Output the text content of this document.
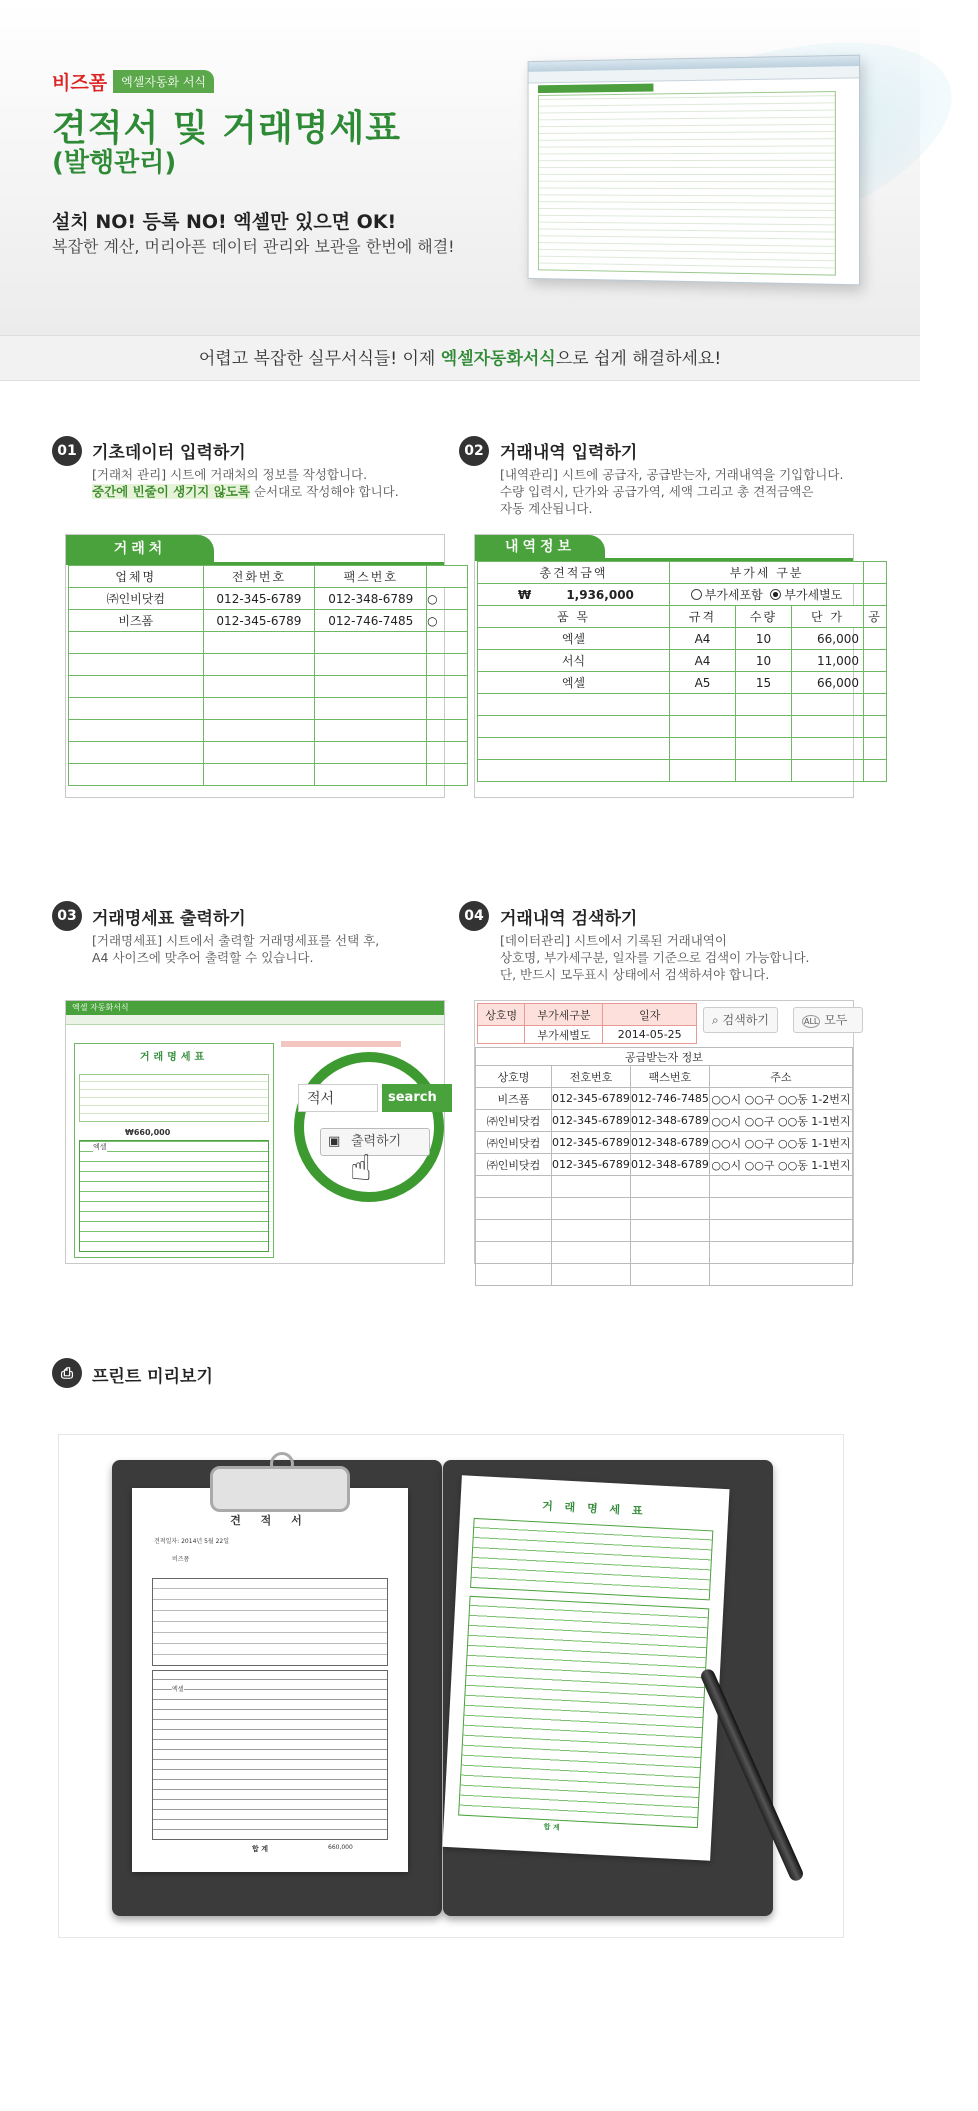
비즈폼	엑셀자동화 서식
견적서 및 거래명세표
(발행관리)
설치 NO! 등록 NO! 엑셀만 있으면 OK!
복잡한 계산, 머리아픈 데이터 관리와 보관을 한번에 해결!
어렵고 복잡한 실무서식들! 이제 엑셀자동화서식으로 쉽게 해결하세요!
01 기초데이터 입력하기
[거래처 관리] 시트에 거래처의 정보를 작성합니다.
중간에 빈줄이 생기지 않도록 순서대로 작성해야 합니다.
거래처
업체명	전화번호	팩스번호	
㈜인비닷컴	012-345-6789	012-348-6789	○
비즈폼	012-345-6789	012-746-7485	○

02 거래내역 입력하기
[내역관리] 시트에 공급자, 공급받는자, 거래내역을 기입합니다.
수량 입력시, 단가와 공급가역, 세액 그리고 총 견적금액은
자동 계산됩니다.
내역정보
총견적금액	부가세 구분			

₩ 1,936,000	부가세포함 부가세별도			
품 목	규격	수량	단 가	공
엑셀	A4	10	66,000	
서식	A4	10	11,000	
엑셀	A5	15	66,000	

03 거래명세표 출력하기
[거래명세표] 시트에서 출력할 거래명세표를 선택 후,
A4 사이즈에 맞추어 출력할 수 있습니다.
엑셀 자동화서식
거래명세표
₩660,000
엑셀
적서	search
출력하기
▣
☝
04 거래내역 검색하기
[데이터관리] 시트에서 기록된 거래내역이
상호명, 부가세구분, 일자를 기준으로 검색이 가능합니다.
단, 반드시 모두표시 상태에서 검색하셔야 합니다.
상호명	부가세구분	일자
	부가세별도	2014-05-25
⌕ 검색하기	ALL 모두
공급받는자 정보			
상호명	전호번호	팩스번호	주소
비즈폼	012-345-6789	012-746-7485	○○시 ○○구 ○○동 1-2번지
㈜인비닷컴	012-345-6789	012-348-6789	○○시 ○○구 ○○동 1-1번지
㈜인비닷컴	012-345-6789	012-348-6789	○○시 ○○구 ○○동 1-1번지
㈜인비닷컴	012-345-6789	012-348-6789	○○시 ○○구 ○○동 1-1번지

⎙	프린트 미리보기
견 적 서
견적일자: 2014년 5월 22일
비즈폼
엑셀
합 계	660,000
거 래 명 세 표
합 계
